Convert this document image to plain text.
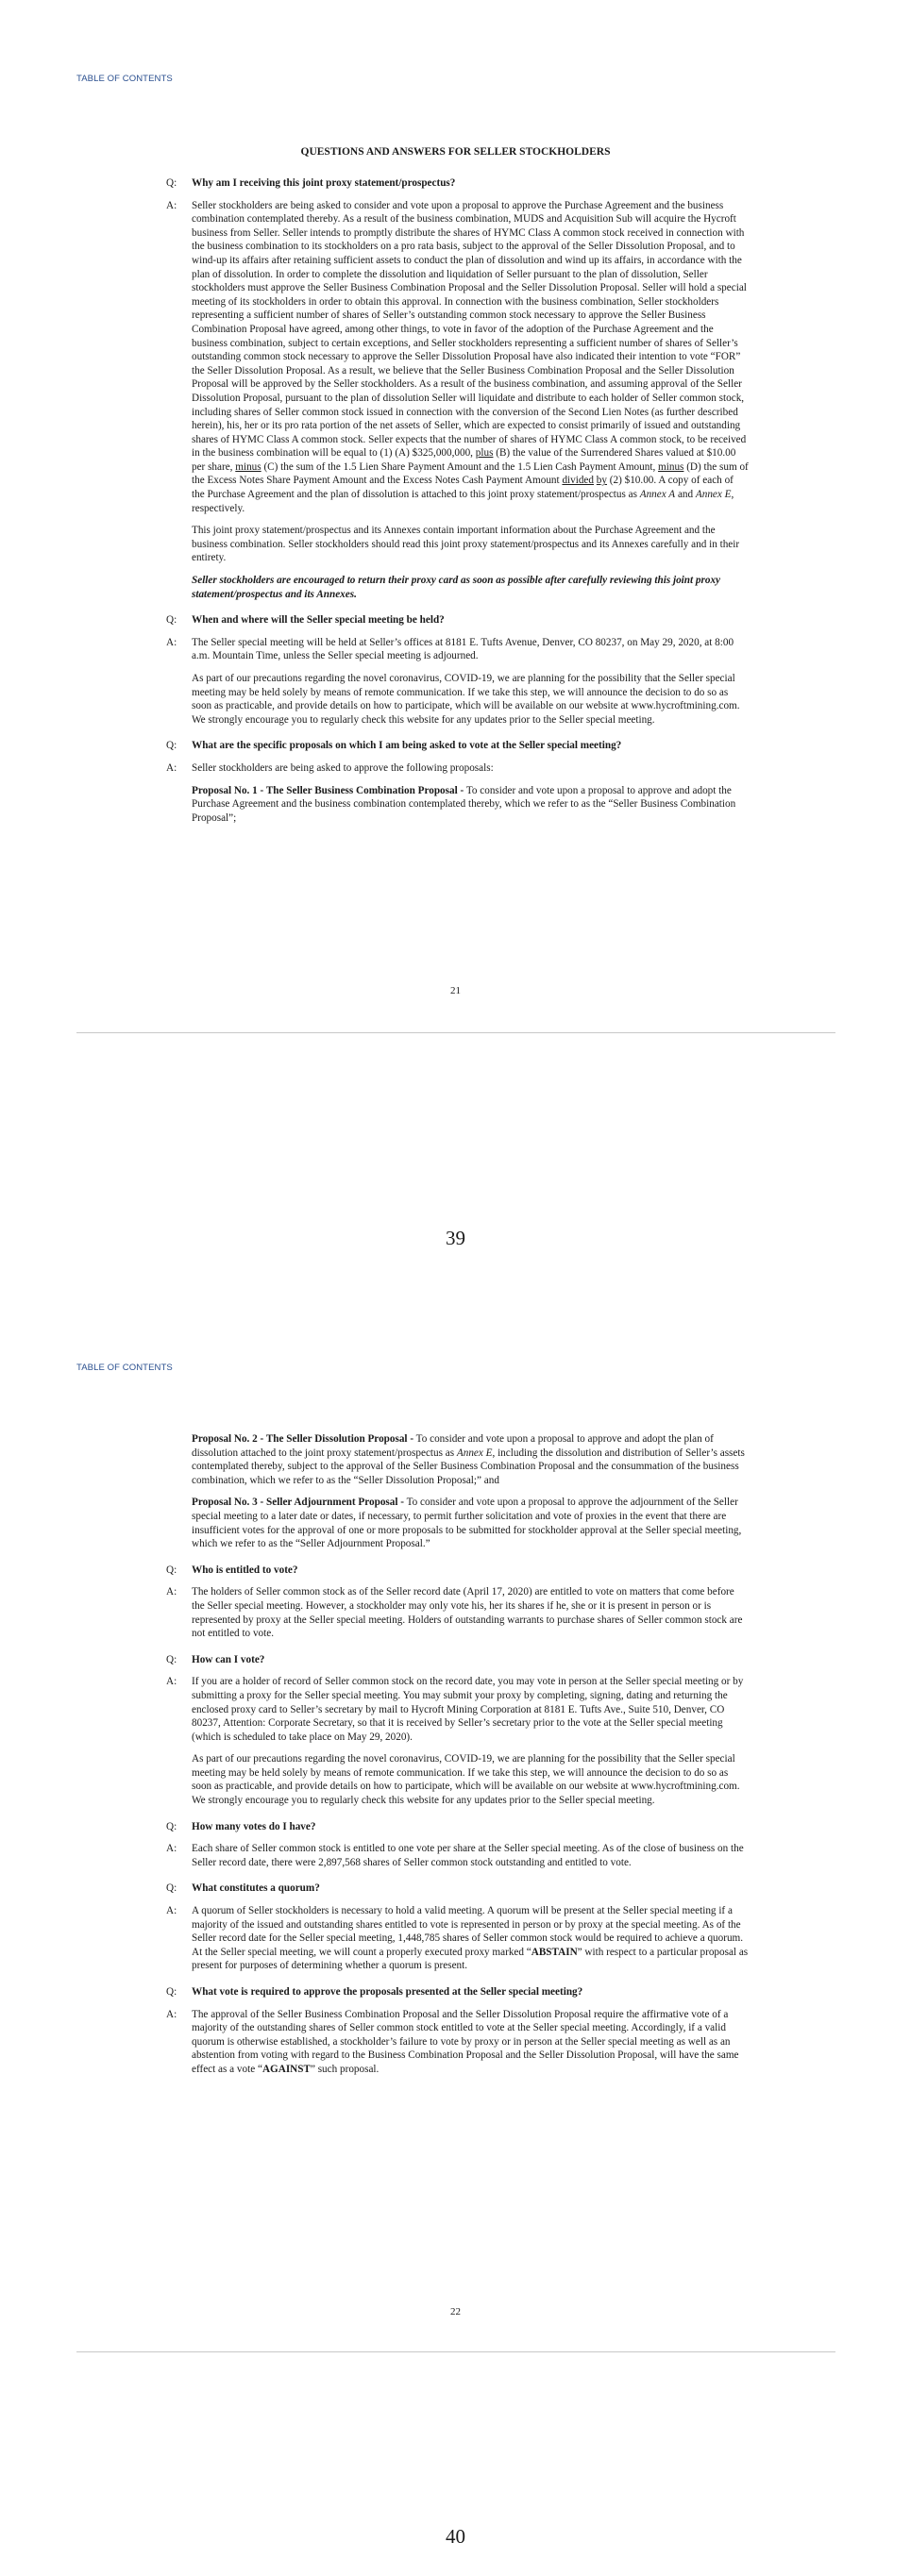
TABLE OF CONTENTS
QUESTIONS AND ANSWERS FOR SELLER STOCKHOLDERS
Q:	Why am I receiving this joint proxy statement/prospectus?
A:	Seller stockholders are being asked to consider and vote upon a proposal to approve the Purchase Agreement and the business combination contemplated thereby. As a result of the business combination, MUDS and Acquisition Sub will acquire the Hycroft business from Seller. Seller intends to promptly distribute the shares of HYMC Class A common stock received in connection with the business combination to its stockholders on a pro rata basis, subject to the approval of the Seller Dissolution Proposal, and to wind-up its affairs after retaining sufficient assets to conduct the plan of dissolution and wind up its affairs, in accordance with the plan of dissolution. In order to complete the dissolution and liquidation of Seller pursuant to the plan of dissolution, Seller stockholders must approve the Seller Business Combination Proposal and the Seller Dissolution Proposal. Seller will hold a special meeting of its stockholders in order to obtain this approval. In connection with the business combination, Seller stockholders representing a sufficient number of shares of Seller’s outstanding common stock necessary to approve the Seller Business Combination Proposal have agreed, among other things, to vote in favor of the adoption of the Purchase Agreement and the business combination, subject to certain exceptions, and Seller stockholders representing a sufficient number of shares of Seller’s outstanding common stock necessary to approve the Seller Dissolution Proposal have also indicated their intention to vote “FOR” the Seller Dissolution Proposal. As a result, we believe that the Seller Business Combination Proposal and the Seller Dissolution Proposal will be approved by the Seller stockholders. As a result of the business combination, and assuming approval of the Seller Dissolution Proposal, pursuant to the plan of dissolution Seller will liquidate and distribute to each holder of Seller common stock, including shares of Seller common stock issued in connection with the conversion of the Second Lien Notes (as further described herein), his, her or its pro rata portion of the net assets of Seller, which are expected to consist primarily of issued and outstanding shares of HYMC Class A common stock. Seller expects that the number of shares of HYMC Class A common stock, to be received in the business combination will be equal to (1) (A) $325,000,000, plus (B) the value of the Surrendered Shares valued at $10.00 per share, minus (C) the sum of the 1.5 Lien Share Payment Amount and the 1.5 Lien Cash Payment Amount, minus (D) the sum of the Excess Notes Share Payment Amount and the Excess Notes Cash Payment Amount divided by (2) $10.00. A copy of each of the Purchase Agreement and the plan of dissolution is attached to this joint proxy statement/prospectus as Annex A and Annex E, respectively.

This joint proxy statement/prospectus and its Annexes contain important information about the Purchase Agreement and the business combination. Seller stockholders should read this joint proxy statement/prospectus and its Annexes carefully and in their entirety.

Seller stockholders are encouraged to return their proxy card as soon as possible after carefully reviewing this joint proxy statement/prospectus and its Annexes.

Q:	When and where will the Seller special meeting be held?
A:	The Seller special meeting will be held at Seller’s offices at 8181 E. Tufts Avenue, Denver, CO 80237, on May 29, 2020, at 8:00 a.m. Mountain Time, unless the Seller special meeting is adjourned.

As part of our precautions regarding the novel coronavirus, COVID-19, we are planning for the possibility that the Seller special meeting may be held solely by means of remote communication. If we take this step, we will announce the decision to do so as soon as practicable, and provide details on how to participate, which will be available on our website at www.hycroftmining.com. We strongly encourage you to regularly check this website for any updates prior to the Seller special meeting.

Q:	What are the specific proposals on which I am being asked to vote at the Seller special meeting?
A:	Seller stockholders are being asked to approve the following proposals:

Proposal No. 1 - The Seller Business Combination Proposal - To consider and vote upon a proposal to approve and adopt the Purchase Agreement and the business combination contemplated thereby, which we refer to as the “Seller Business Combination Proposal”;

21
39
TABLE OF CONTENTS

Proposal No. 2 - The Seller Dissolution Proposal - To consider and vote upon a proposal to approve and adopt the plan of dissolution attached to the joint proxy statement/prospectus as Annex E, including the dissolution and distribution of Seller’s assets contemplated thereby, subject to the approval of the Seller Business Combination Proposal and the consummation of the business combination, which we refer to as the “Seller Dissolution Proposal;” and

Proposal No. 3 - Seller Adjournment Proposal - To consider and vote upon a proposal to approve the adjournment of the Seller special meeting to a later date or dates, if necessary, to permit further solicitation and vote of proxies in the event that there are insufficient votes for the approval of one or more proposals to be submitted for stockholder approval at the Seller special meeting, which we refer to as the “Seller Adjournment Proposal.”

Q:	Who is entitled to vote?
A:	The holders of Seller common stock as of the Seller record date (April 17, 2020) are entitled to vote on matters that come before the Seller special meeting. However, a stockholder may only vote his, her its shares if he, she or it is present in person or is represented by proxy at the Seller special meeting. Holders of outstanding warrants to purchase shares of Seller common stock are not entitled to vote.
Q:	How can I vote?
A:	If you are a holder of record of Seller common stock on the record date, you may vote in person at the Seller special meeting or by submitting a proxy for the Seller special meeting. You may submit your proxy by completing, signing, dating and returning the enclosed proxy card to Seller’s secretary by mail to Hycroft Mining Corporation at 8181 E. Tufts Ave., Suite 510, Denver, CO 80237, Attention: Corporate Secretary, so that it is received by Seller’s secretary prior to the vote at the Seller special meeting (which is scheduled to take place on May 29, 2020).

As part of our precautions regarding the novel coronavirus, COVID-19, we are planning for the possibility that the Seller special meeting may be held solely by means of remote communication. If we take this step, we will announce the decision to do so as soon as practicable, and provide details on how to participate, which will be available on our website at www.hycroftmining.com. We strongly encourage you to regularly check this website for any updates prior to the Seller special meeting.

Q:	How many votes do I have?
A:	Each share of Seller common stock is entitled to one vote per share at the Seller special meeting. As of the close of business on the Seller record date, there were 2,897,568 shares of Seller common stock outstanding and entitled to vote.
Q:	What constitutes a quorum?
A:	A quorum of Seller stockholders is necessary to hold a valid meeting. A quorum will be present at the Seller special meeting if a majority of the issued and outstanding shares entitled to vote is represented in person or by proxy at the special meeting. As of the Seller record date for the Seller special meeting, 1,448,785 shares of Seller common stock would be required to achieve a quorum. At the Seller special meeting, we will count a properly executed proxy marked “ABSTAIN” with respect to a particular proposal as present for purposes of determining whether a quorum is present.
Q:	What vote is required to approve the proposals presented at the Seller special meeting?
A:	The approval of the Seller Business Combination Proposal and the Seller Dissolution Proposal require the affirmative vote of a majority of the outstanding shares of Seller common stock entitled to vote at the Seller special meeting. Accordingly, if a valid quorum is otherwise established, a stockholder’s failure to vote by proxy or in person at the Seller special meeting as well as an abstention from voting with regard to the Business Combination Proposal and the Seller Dissolution Proposal, will have the same effect as a vote “AGAINST” such proposal.
22
40
